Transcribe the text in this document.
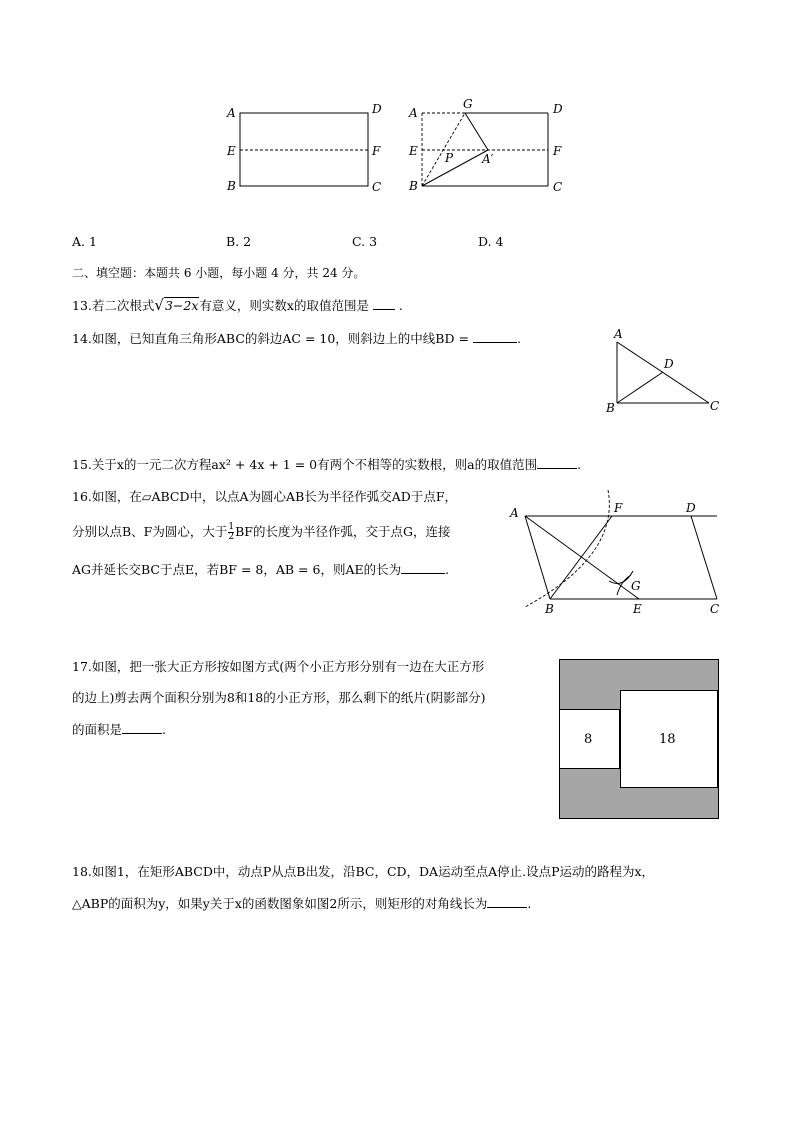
A	D
E	F
B	C
A
G	D
E P A′
F
B	C
A. 1	B. 2	C. 3	D. 4
二、填空题：本题共 6 小题，每小题 4 分，共 24 分。
13.若二次根式√3−2x有意义，则实数x的取值范围是 .
14.如图，已知直角三角形ABC的斜边AC = 10，则斜边上的中线BD =	.	A
D
B	C
15.关于x的一元二次方程ax² + 4x + 1 = 0有两个不相等的实数根，则a的取值范围	.
16.如图，在▱ABCD中，以点A为圆心AB长为半径作弧交AD于点F，
分别以点B、F为圆心，大于 $\frac{1}{2}$ BF的长度为半径作弧，交于点G，连接
AG并延长交BC于点E，若BF = 8，AB = 6，则AE的长为	.
A	F	D
G
B	E	C
17.如图，把一张大正方形按如图方式(两个小正方形分别有一边在大正方形
的边上)剪去两个面积分别为8和18的小正方形，那么剩下的纸片(阴影部分)
的面积是	.
8	18
18.如图1，在矩形ABCD中，动点P从点B出发，沿BC，CD，DA运动至点A停止.设点P运动的路程为x，
△ABP的面积为y，如果y关于x的函数图象如图2所示，则矩形的对角线长为	.
